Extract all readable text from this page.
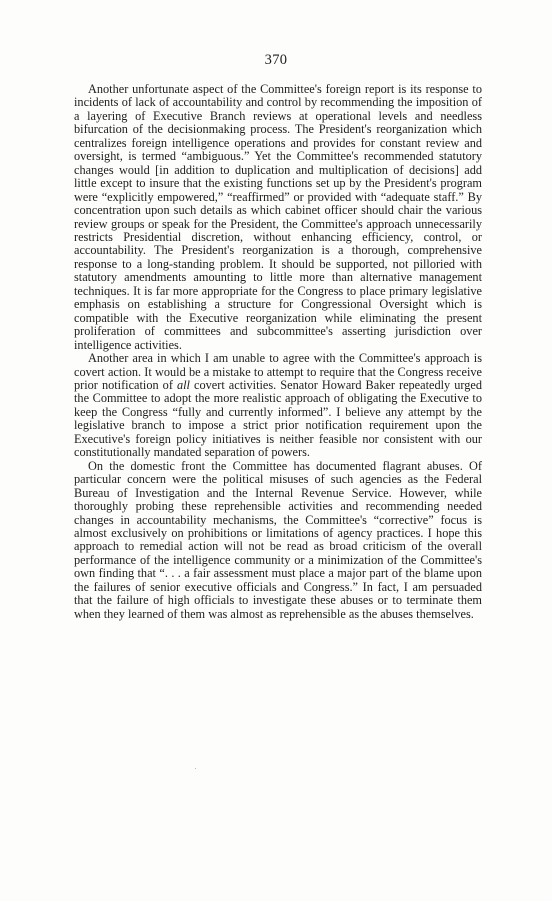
370

Another unfortunate aspect of the Committee's foreign report is its response to incidents of lack of accountability and control by recommending the imposition of a layering of Executive Branch reviews at operational levels and needless bifurcation of the decisionmaking process. The President's reorganization which centralizes foreign intelligence operations and provides for constant review and oversight, is termed “ambiguous.” Yet the Committee's recommended statutory changes would [in addition to duplication and multiplication of decisions] add little except to insure that the existing functions set up by the President's program were “explicitly empowered,” “reaffirmed” or provided with “adequate staff.” By concentration upon such details as which cabinet officer should chair the various review groups or speak for the President, the Committee's approach unnecessarily restricts Presidential discretion, without enhancing efficiency, control, or accountability. The President's reorganization is a thorough, comprehensive response to a long-standing problem. It should be supported, not pilloried with statutory amendments amounting to little more than alternative management techniques. It is far more appropriate for the Congress to place primary legislative emphasis on establishing a structure for Congressional Oversight which is compatible with the Executive reorganization while eliminating the present proliferation of committees and subcommittee's asserting jurisdiction over intelligence activities.

Another area in which I am unable to agree with the Committee's approach is covert action. It would be a mistake to attempt to require that the Congress receive prior notification of all covert activities. Senator Howard Baker repeatedly urged the Committee to adopt the more realistic approach of obligating the Executive to keep the Congress “fully and currently informed”. I believe any attempt by the legislative branch to impose a strict prior notification requirement upon the Executive's foreign policy initiatives is neither feasible nor consistent with our constitutionally mandated separation of powers.

On the domestic front the Committee has documented flagrant abuses. Of particular concern were the political misuses of such agencies as the Federal Bureau of Investigation and the Internal Revenue Service. However, while thoroughly probing these reprehensible activities and recommending needed changes in accountability mechanisms, the Committee's “corrective” focus is almost exclusively on prohibitions or limitations of agency practices. I hope this approach to remedial action will not be read as broad criticism of the overall performance of the intelligence community or a minimization of the Committee's own finding that “. . . a fair assessment must place a major part of the blame upon the failures of senior executive officials and Congress.” In fact, I am persuaded that the failure of high officials to investigate these abuses or to terminate them when they learned of them was almost as reprehensible as the abuses themselves.
